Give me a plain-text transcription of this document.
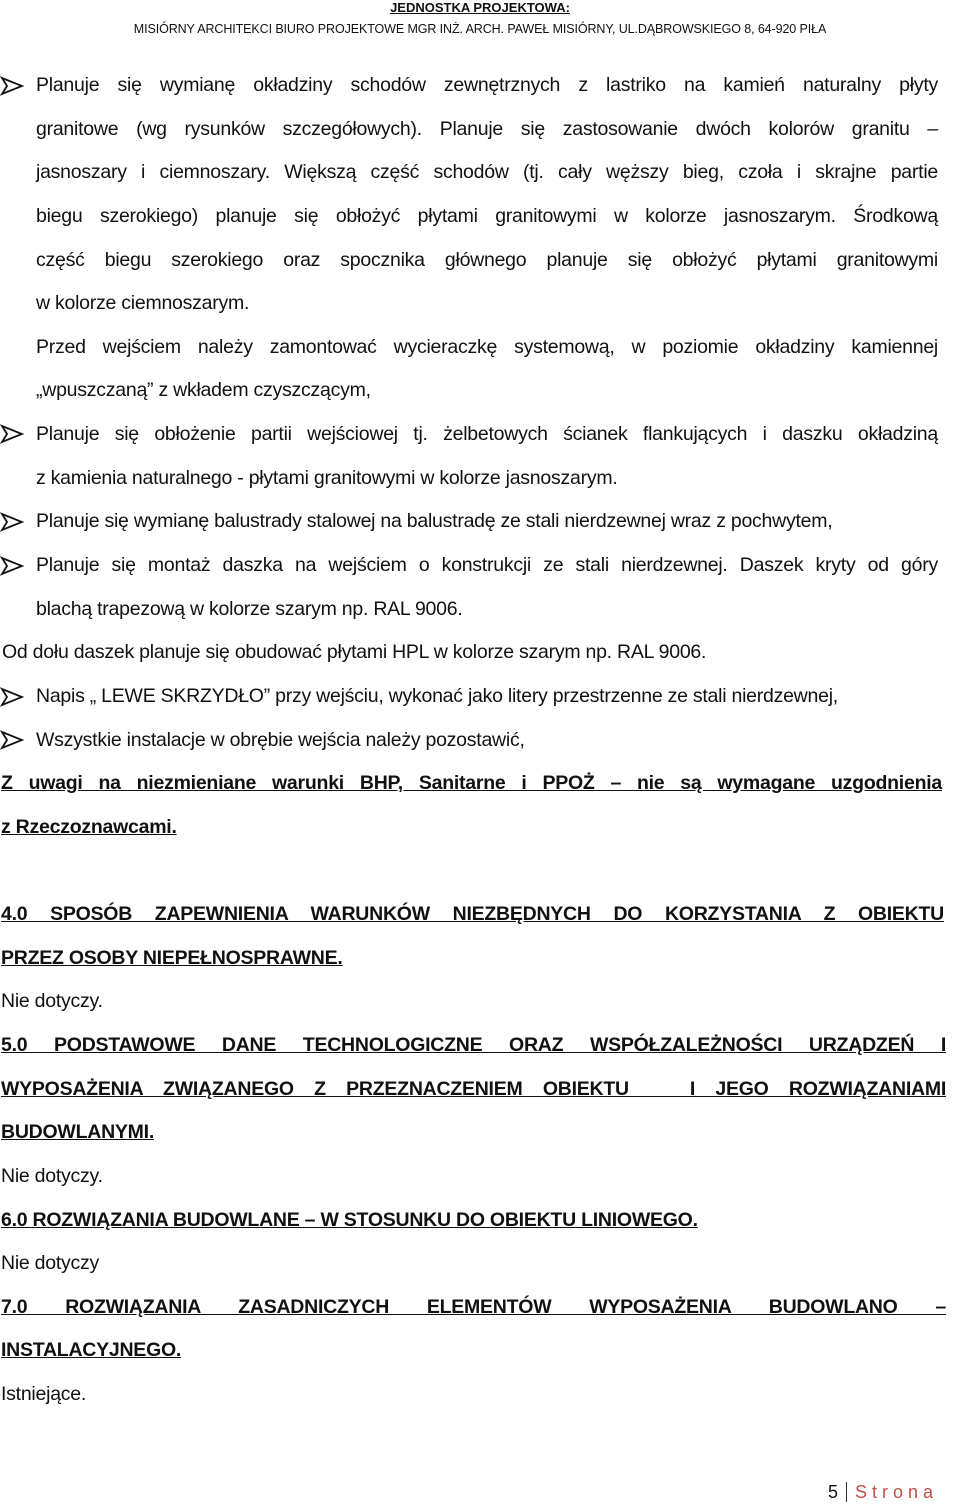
JEDNOSTKA PROJEKTOWA:
MISIÓRNY ARCHITEKCI BIURO PROJEKTOWE MGR INŻ. ARCH. PAWEŁ MISIÓRNY, UL.DĄBROWSKIEGO 8, 64-920 PIŁA
Planuje się wymianę okładziny schodów zewnętrznych z lastriko na kamień naturalny płyty
granitowe (wg rysunków szczegółowych). Planuje się zastosowanie dwóch kolorów granitu –
jasnoszary i ciemnoszary. Większą część schodów (tj. cały węższy bieg, czoła i skrajne partie
biegu szerokiego) planuje się obłożyć płytami granitowymi w kolorze jasnoszarym. Środkową
część biegu szerokiego oraz spocznika głównego planuje się obłożyć płytami granitowymi
w kolorze ciemnoszarym.
Przed wejściem należy zamontować wycieraczkę systemową, w poziomie okładziny kamiennej
„wpuszczaną” z wkładem czyszczącym,
Planuje się obłożenie partii wejściowej tj. żelbetowych ścianek flankujących i daszku okładziną
z kamienia naturalnego - płytami granitowymi w kolorze jasnoszarym.
Planuje się wymianę balustrady stalowej na balustradę ze stali nierdzewnej wraz z pochwytem,
Planuje się montaż daszka na wejściem o konstrukcji ze stali nierdzewnej. Daszek kryty od góry
blachą trapezową w kolorze szarym np. RAL 9006.
Od dołu daszek planuje się obudować płytami HPL w kolorze szarym np. RAL 9006.
Napis „ LEWE SKRZYDŁO” przy wejściu, wykonać jako litery przestrzenne ze stali nierdzewnej,
Wszystkie instalacje w obrębie wejścia należy pozostawić,
Z uwagi na niezmieniane warunki BHP, Sanitarne i PPOŻ – nie są wymagane uzgodnienia
z Rzeczoznawcami.
4.0 SPOSÓB ZAPEWNIENIA WARUNKÓW NIEZBĘDNYCH DO KORZYSTANIA Z OBIEKTU
PRZEZ OSOBY NIEPEŁNOSPRAWNE.
Nie dotyczy.
5.0 PODSTAWOWE DANE TECHNOLOGICZNE ORAZ WSPÓŁZALEŻNOŚCI URZĄDZEŃ I
WYPOSAŻENIA ZWIĄZANEGO Z PRZEZNACZENIEM OBIEKTU   I JEGO ROZWIĄZANIAMI
BUDOWLANYMI.
Nie dotyczy.
6.0 ROZWIĄZANIA BUDOWLANE – W STOSUNKU DO OBIEKTU LINIOWEGO.
Nie dotyczy
7.0 ROZWIĄZANIA ZASADNICZYCH ELEMENTÓW WYPOSAŻENIA BUDOWLANO –
INSTALACYJNEGO.
Istniejące.
5 Strona
